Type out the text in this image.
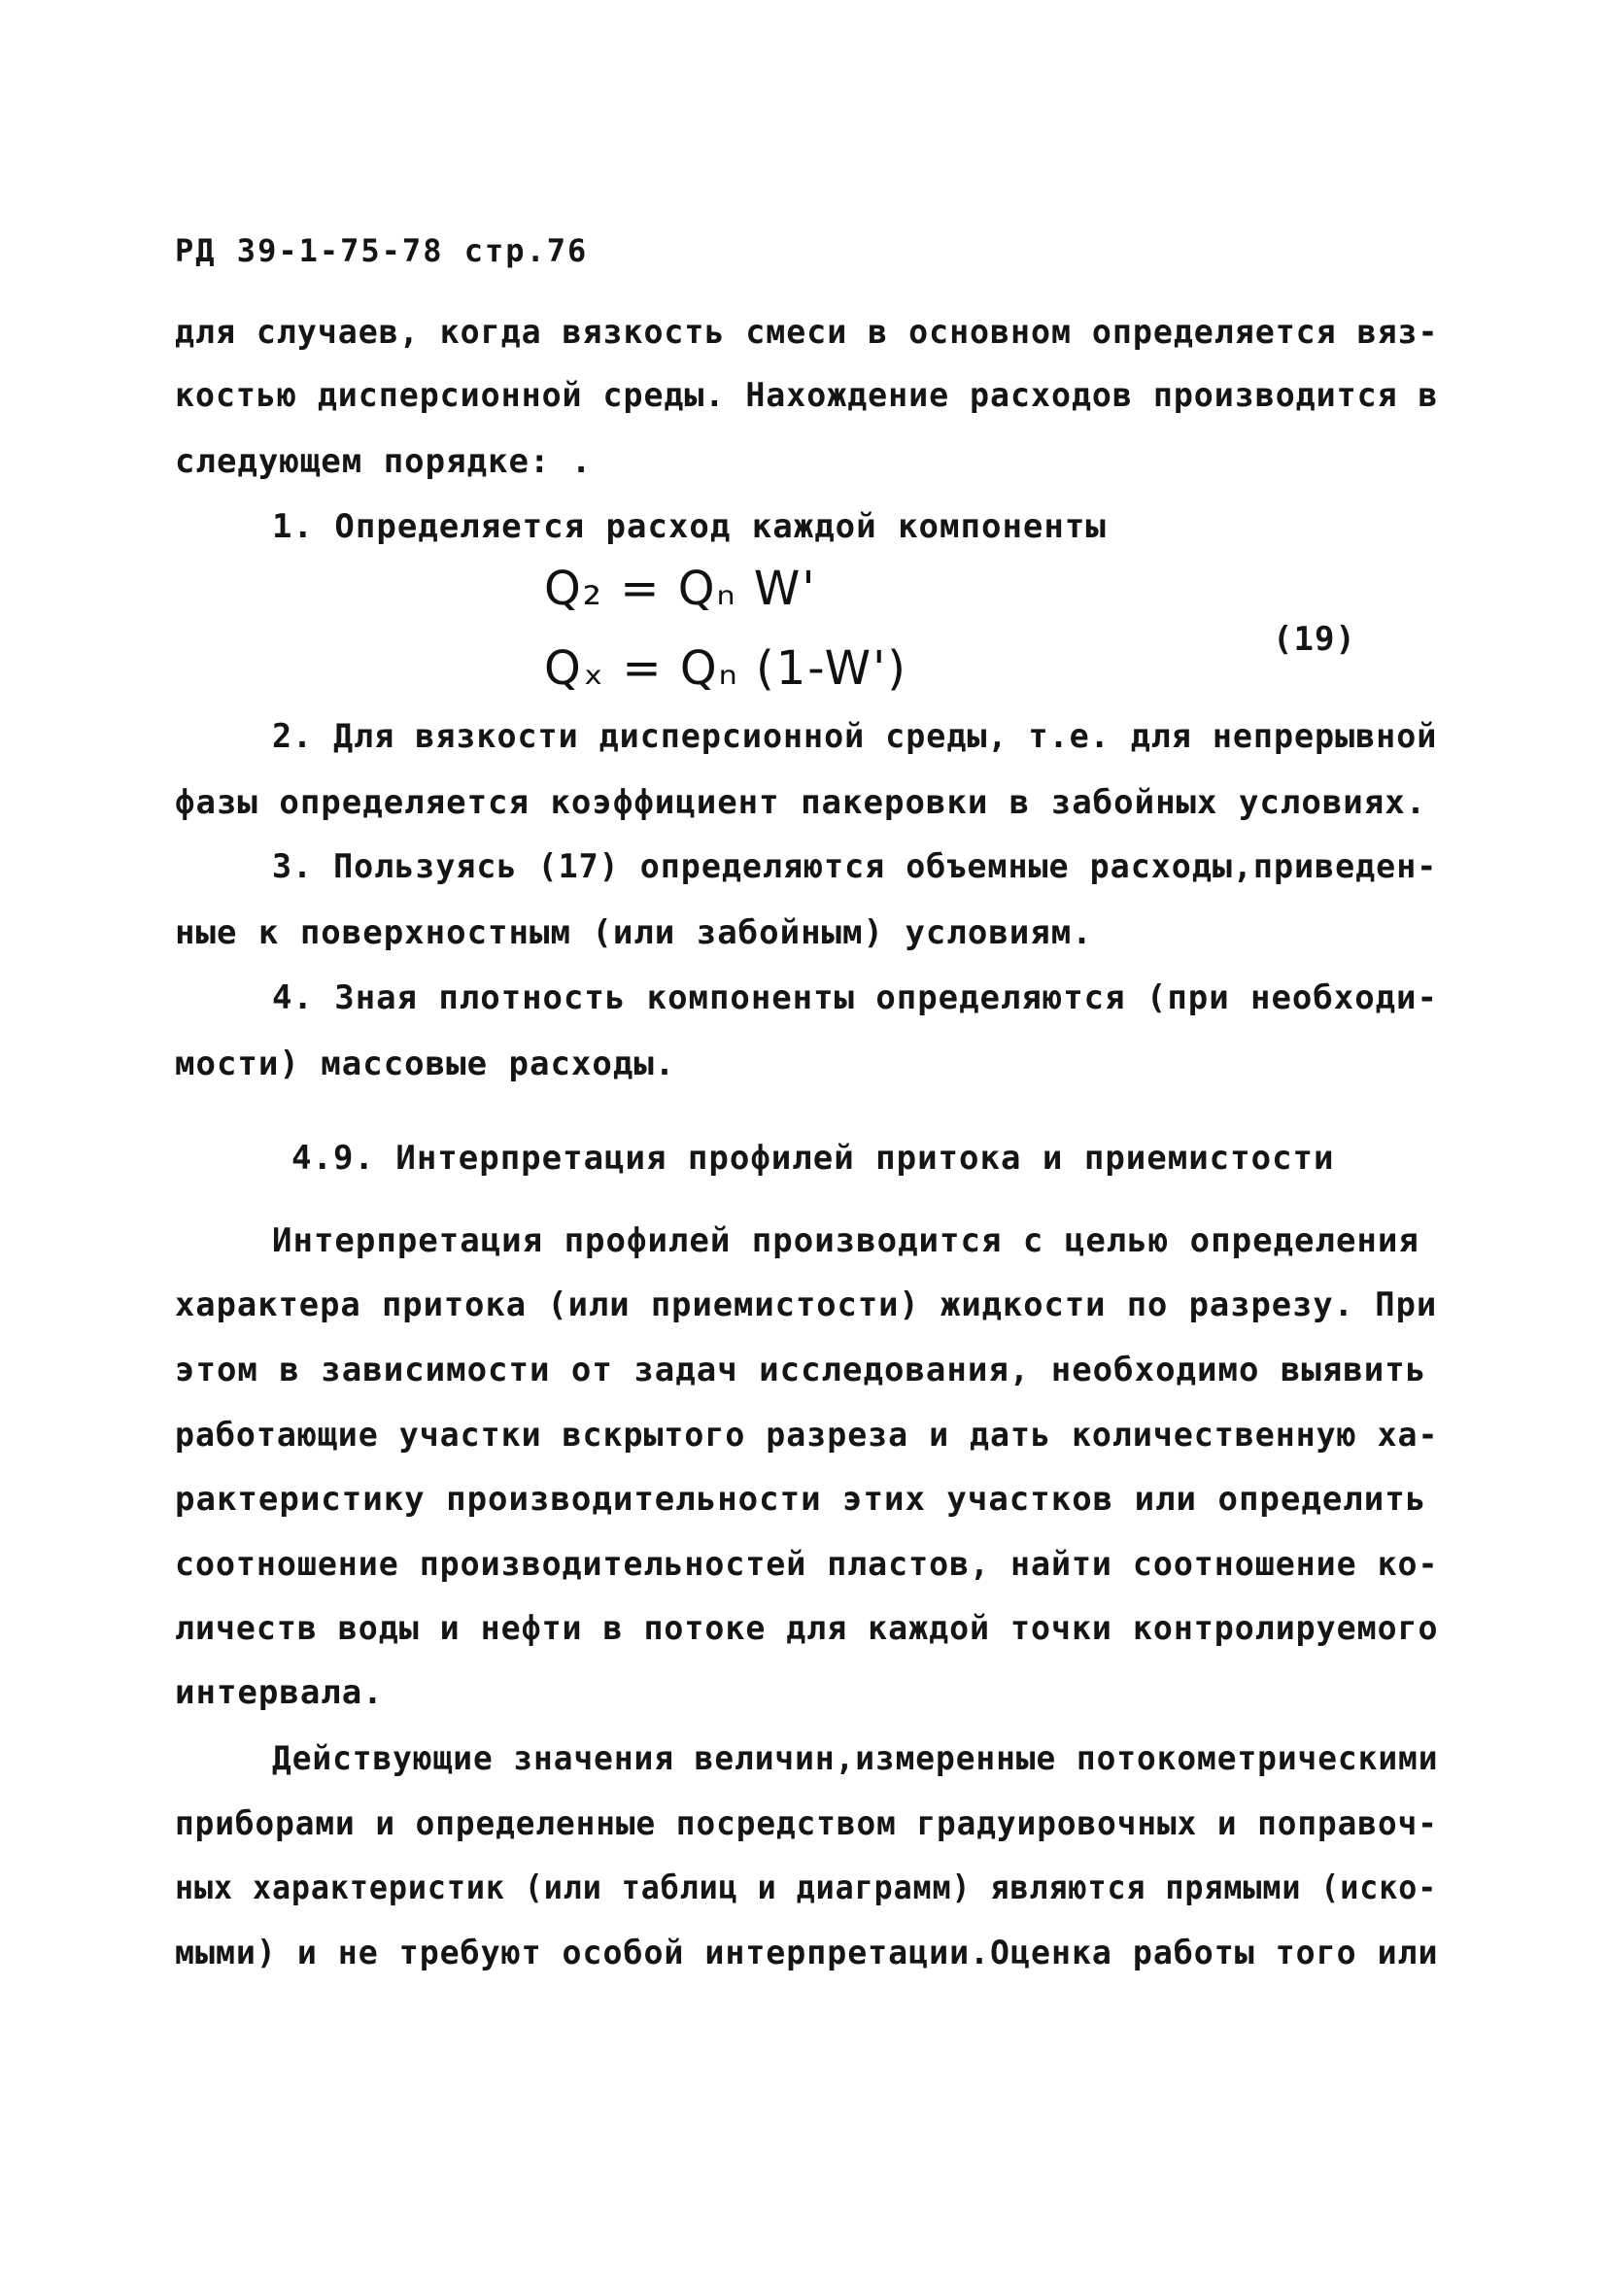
РД 39-1-75-78 стр.76
для случаев, когда вязкость смеси в основном определяется вяз-
костью дисперсионной среды. Нахождение расходов производится в
следующем порядке: .
1. Определяется расход каждой компоненты
Q₂ = Qₙ W'
Qₓ = Qₙ (1-W')
(19)
2. Для вязкости дисперсионной среды, т.е. для непрерывной
фазы определяется коэффициент пакеровки в забойных условиях.
3. Пользуясь (17) определяются объемные расходы,приведен-
ные к поверхностным (или забойным) условиям.
4. Зная плотность компоненты определяются (при необходи-
мости) массовые расходы.
4.9. Интерпретация профилей притока и приемистости
Интерпретация профилей производится с целью определения
характера притока (или приемистости) жидкости по разрезу. При
этом в зависимости от задач исследования, необходимо выявить
работающие участки вскрытого разреза и дать количественную ха-
рактеристику производительности этих участков или определить
соотношение производительностей пластов, найти соотношение ко-
личеств воды и нефти в потоке для каждой точки контролируемого
интервала.
Действующие значения величин,измеренные потокометрическими
приборами и определенные посредством градуировочных и поправоч-
ных характеристик (или таблиц и диаграмм) являются прямыми (иско-
мыми) и не требуют особой интерпретации.Оценка работы того или
